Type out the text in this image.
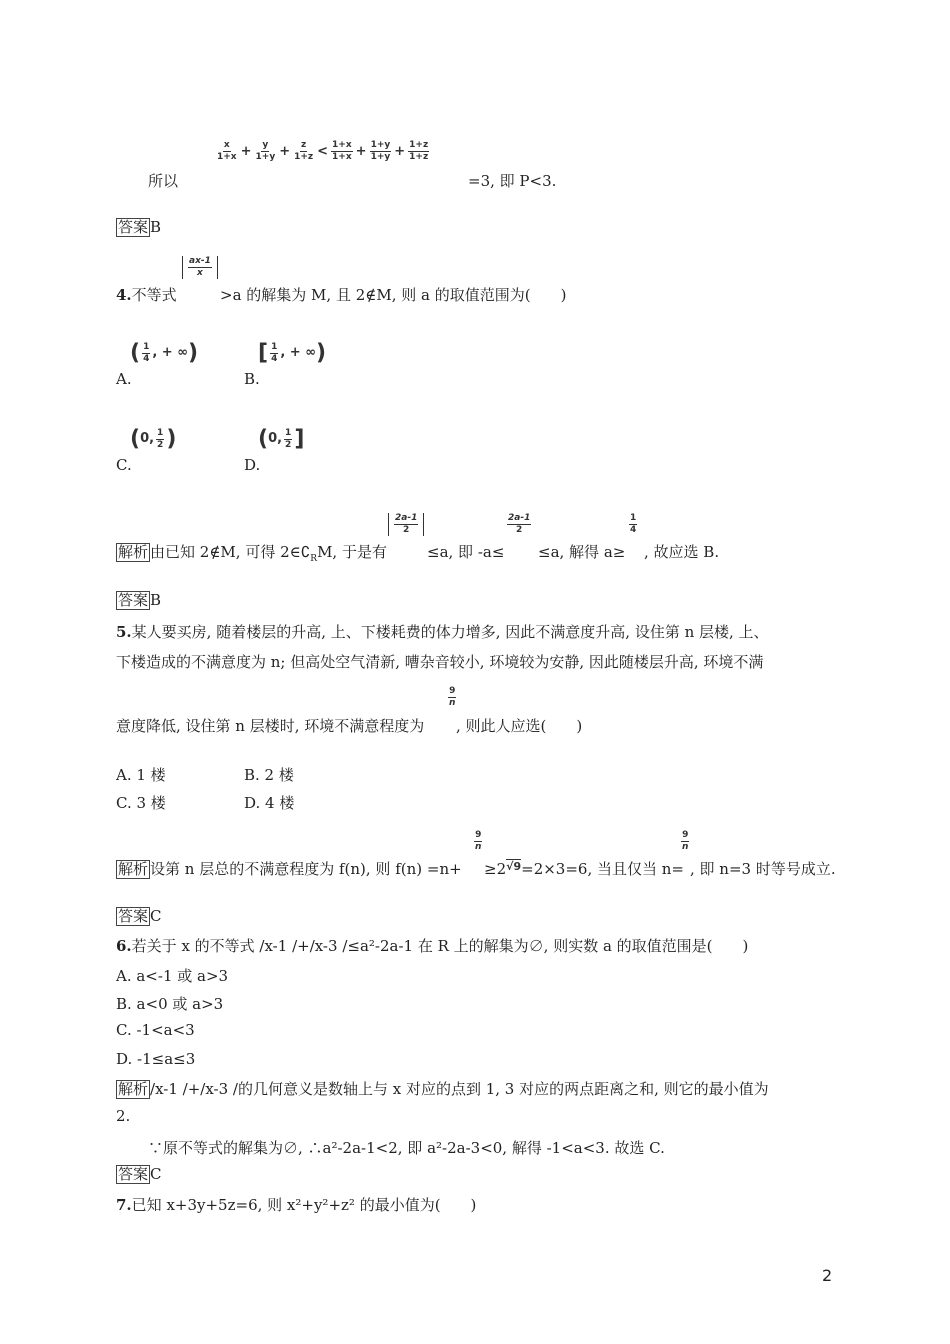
所以
$\frac{x}{1+x} + \frac{y}{1+y} + \frac{z}{1+z} < \frac{1+x}{1+x} + \frac{1+y}{1+y} + \frac{1+z}{1+z}$
=3, 即 P<3.
答案 B
4.不等式
$\frac{ax-1}{x}$
>a 的解集为 M, 且 2∉M, 则 a 的取值范围为(　　)
( $\frac{1}{4}$ , + ∞)
A.
[ $\frac{1}{4}$ , + ∞)
B.
(0, $\frac{1}{2}$ )
C.
(0, $\frac{1}{2}$ ]
D.
解析 由已知 2∉M, 可得 $2\in∁_RM$, 于是有
$\frac{2a-1}{2}$
≤a, 即 -a≤
$\frac{2a-1}{2}$
≤a, 解得 a≥
$\frac{1}{4}$
, 故应选 B.
答案 B
5.某人要买房, 随着楼层的升高, 上、下楼耗费的体力增多, 因此不满意度升高, 设住第 n 层楼, 上、
下楼造成的不满意度为 n; 但高处空气清新, 嘈杂音较小, 环境较为安静, 因此随楼层升高, 环境不满
意度降低, 设住第 n 层楼时, 环境不满意程度为
$\frac{9}{n}$
, 则此人应选(　　)
A. 1 楼	B. 2 楼
C. 3 楼	D. 4 楼
解析 设第 n 层总的不满意程度为 f(n), 则 f(n) =n+
$\frac{9}{n}$
$\ge 2^{√9}=2\times 3=6$, 当且仅当 n=
$\frac{9}{n}$
, 即 n=3 时等号成立.
答案 C
6.若关于 x 的不等式 /x-1 /+/x-3 /≤a²-2a-1 在 R 上的解集为∅, 则实数 a 的取值范围是(　　)
A. a<-1 或 a>3
B. a<0 或 a>3
C. -1<a<3
D. -1≤a≤3
解析 /x-1 /+/x-3 /的几何意义是数轴上与 x 对应的点到 1, 3 对应的两点距离之和, 则它的最小值为
2.
∵原不等式的解集为∅, ∴a²-2a-1<2, 即 a²-2a-3<0, 解得 -1<a<3. 故选 C.
答案 C
7.已知 x+3y+5z=6, 则 x²+y²+z² 的最小值为(　　)
2
